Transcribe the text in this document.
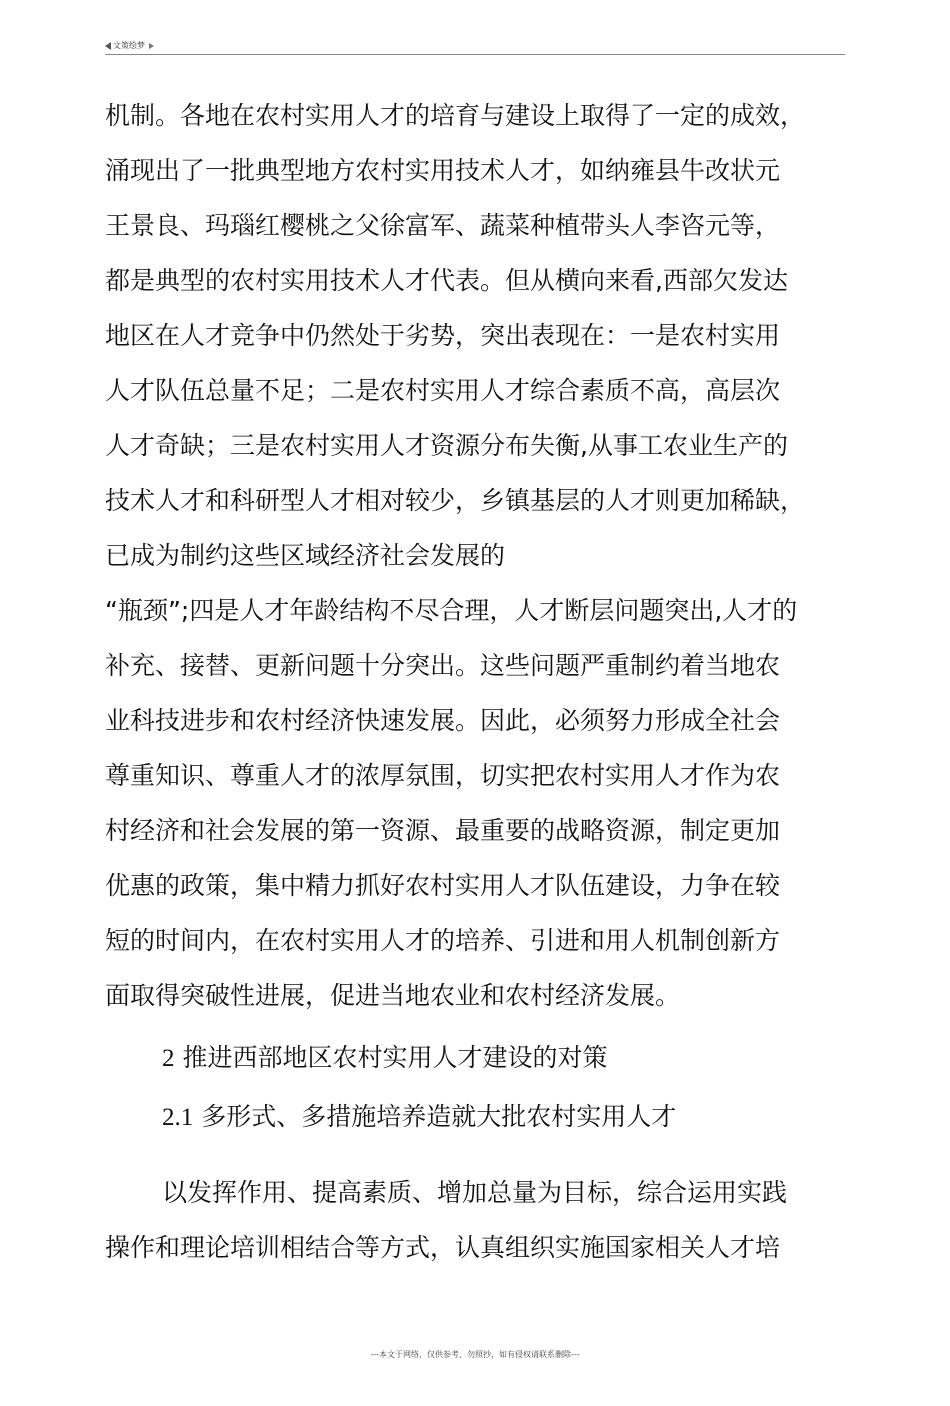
文策绘梦
机制。各地在农村实用人才的培育与建设上取得了一定的成效，
涌现出了一批典型地方农村实用技术人才，如纳雍县牛改状元
王景良、玛瑙红樱桃之父徐富军、蔬菜种植带头人李咨元等，
都是典型的农村实用技术人才代表。但从横向来看,西部欠发达
地区在人才竞争中仍然处于劣势，突出表现在：一是农村实用
人才队伍总量不足；二是农村实用人才综合素质不高，高层次
人才奇缺；三是农村实用人才资源分布失衡,从事工农业生产的
技术人才和科研型人才相对较少，乡镇基层的人才则更加稀缺，
已成为制约这些区域经济社会发展的
“瓶颈”;四是人才年龄结构不尽合理，人才断层问题突出,人才的
补充、接替、更新问题十分突出。这些问题严重制约着当地农
业科技进步和农村经济快速发展。因此，必须努力形成全社会
尊重知识、尊重人才的浓厚氛围，切实把农村实用人才作为农
村经济和社会发展的第一资源、最重要的战略资源，制定更加
优惠的政策，集中精力抓好农村实用人才队伍建设，力争在较
短的时间内，在农村实用人才的培养、引进和用人机制创新方
面取得突破性进展，促进当地农业和农村经济发展。
2 推进西部地区农村实用人才建设的对策
2.1 多形式、多措施培养造就大批农村实用人才
以发挥作用、提高素质、增加总量为目标，综合运用实践
操作和理论培训相结合等方式，认真组织实施国家相关人才培
---本文于网络，仅供参考，勿照抄，如有侵权请联系删除---
